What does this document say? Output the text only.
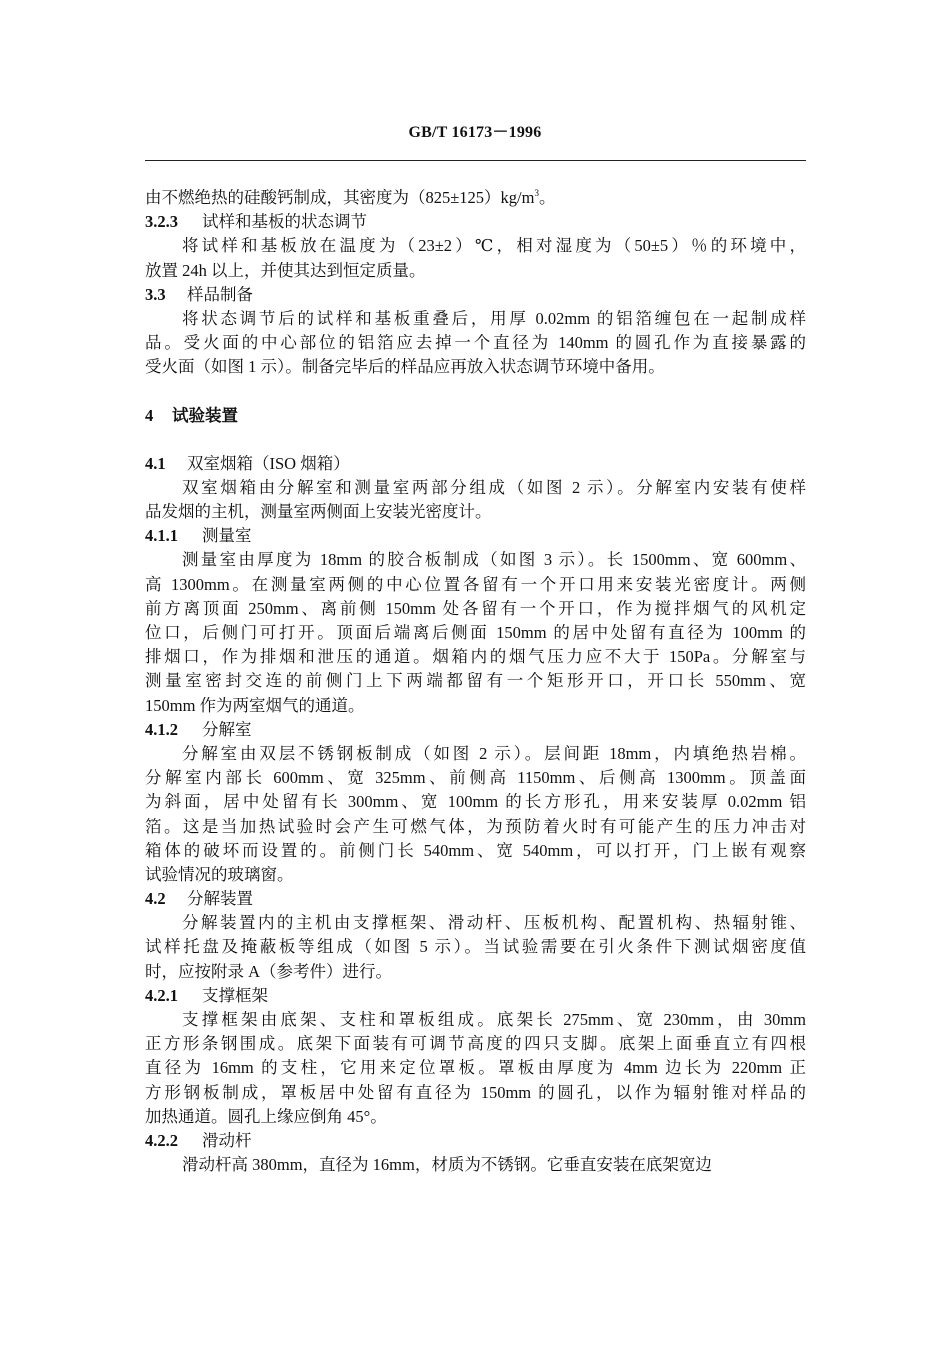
GB/T 16173－1996
由不燃绝热的硅酸钙制成，其密度为$(825\pm 125)kg/m^3$。
3.2.3 试样和基板的状态调节
将试样和基板放在温度为（23±2）℃，相对湿度为（50±5）％的环境中，
放置 24h 以上，并使其达到恒定质量。
3.3 样品制备
将状态调节后的试样和基板重叠后，用厚 0.02mm 的铝箔缠包在一起制成样
品。受火面的中心部位的铝箔应去掉一个直径为 140mm 的圆孔作为直接暴露的
受火面（如图 1 示）。制备完毕后的样品应再放入状态调节环境中备用。
4 试验装置
4.1 双室烟箱（ISO 烟箱）
双室烟箱由分解室和测量室两部分组成（如图 2 示）。分解室内安装有使样
品发烟的主机，测量室两侧面上安装光密度计。
4.1.1 测量室
测量室由厚度为 18mm 的胶合板制成（如图 3 示）。长 1500mm、宽 600mm、
高 1300mm。在测量室两侧的中心位置各留有一个开口用来安装光密度计。两侧
前方离顶面 250mm、离前侧 150mm 处各留有一个开口，作为搅拌烟气的风机定
位口，后侧门可打开。顶面后端离后侧面 150mm 的居中处留有直径为 100mm 的
排烟口，作为排烟和泄压的通道。烟箱内的烟气压力应不大于 150Pa。分解室与
测量室密封交连的前侧门上下两端都留有一个矩形开口，开口长 550mm、宽
150mm 作为两室烟气的通道。
4.1.2 分解室
分解室由双层不锈钢板制成（如图 2 示）。层间距 18mm，内填绝热岩棉。
分解室内部长 600mm、宽 325mm、前侧高 1150mm、后侧高 1300mm。顶盖面
为斜面，居中处留有长 300mm、宽 100mm 的长方形孔，用来安装厚 0.02mm 铝
箔。这是当加热试验时会产生可燃气体，为预防着火时有可能产生的压力冲击对
箱体的破坏而设置的。前侧门长 540mm、宽 540mm，可以打开，门上嵌有观察
试验情况的玻璃窗。
4.2 分解装置
分解装置内的主机由支撑框架、滑动杆、压板机构、配置机构、热辐射锥、
试样托盘及掩蔽板等组成（如图 5 示）。当试验需要在引火条件下测试烟密度值
时，应按附录 A（参考件）进行。
4.2.1 支撑框架
支撑框架由底架、支柱和罩板组成。底架长 275mm、宽 230mm，由 30mm
正方形条钢围成。底架下面装有可调节高度的四只支脚。底架上面垂直立有四根
直径为 16mm 的支柱，它用来定位罩板。罩板由厚度为 4mm 边长为 220mm 正
方形钢板制成，罩板居中处留有直径为 150mm 的圆孔，以作为辐射锥对样品的
加热通道。圆孔上缘应倒角 45°。
4.2.2 滑动杆
滑动杆高 380mm，直径为 16mm，材质为不锈钢。它垂直安装在底架宽边
